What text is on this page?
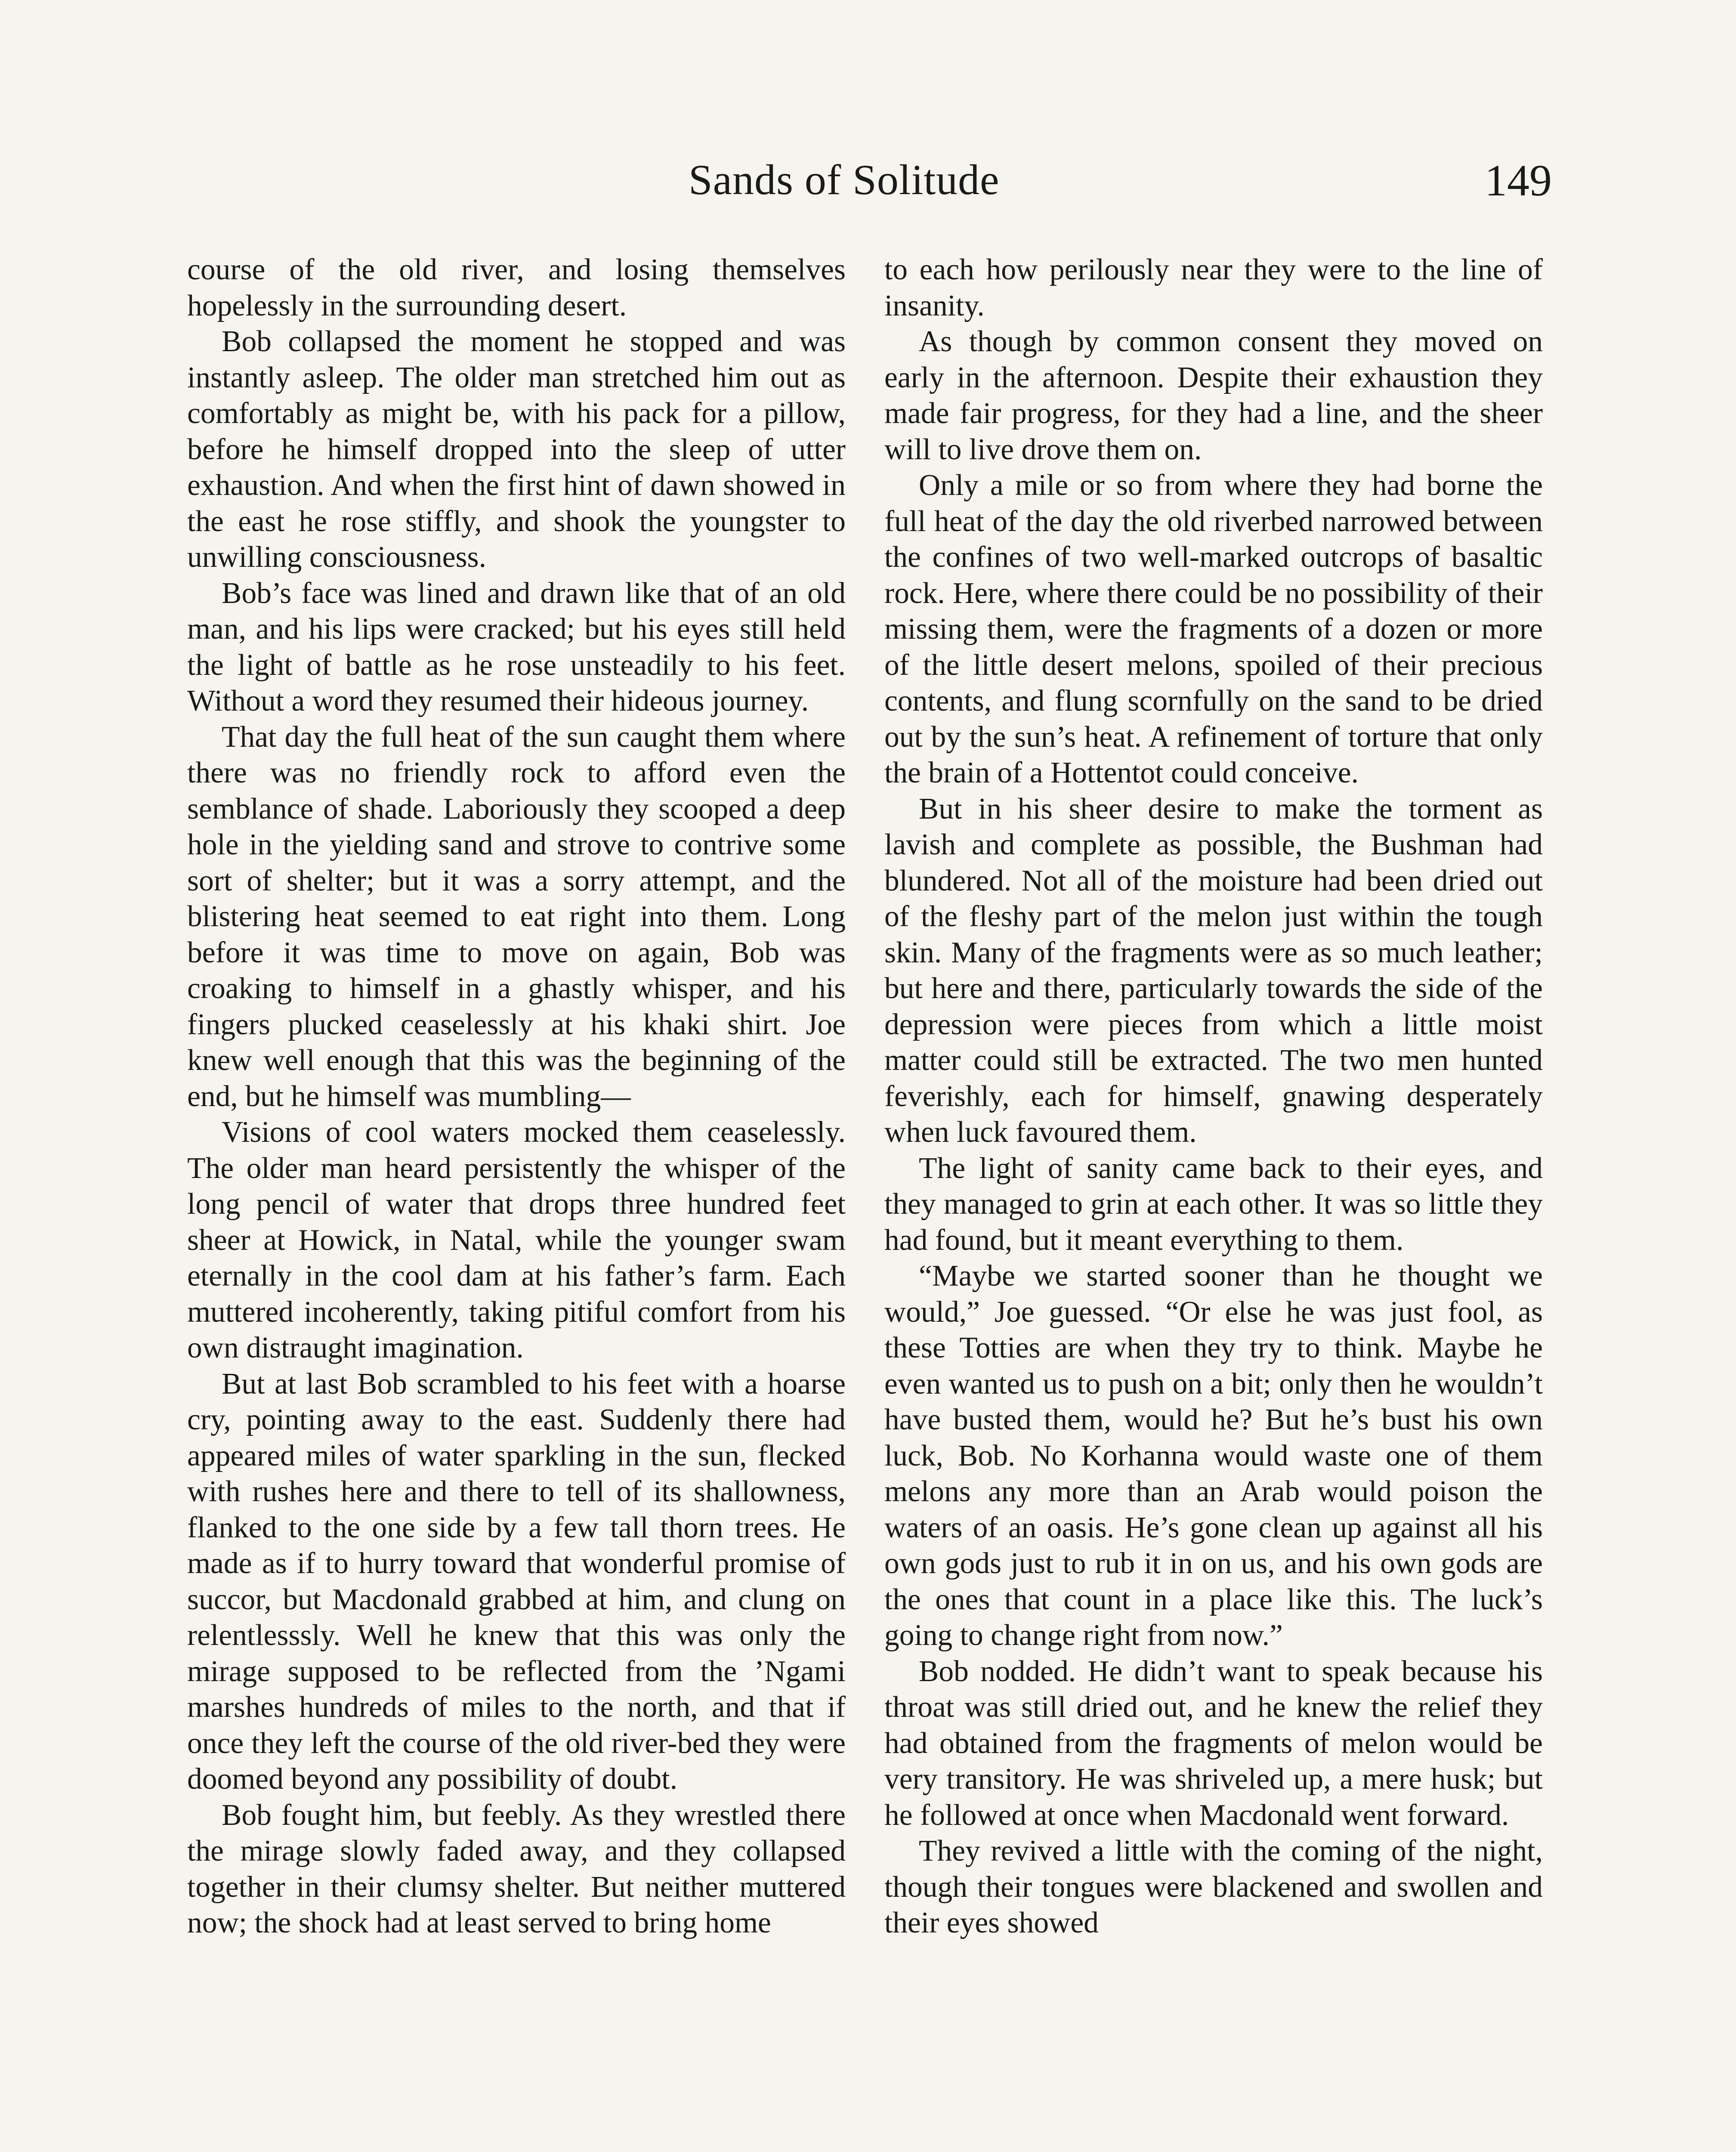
Sands of Solitude	149

course of the old river, and losing themselves hopelessly in the surrounding desert.

Bob collapsed the moment he stopped and was instantly asleep. The older man stretched him out as comfortably as might be, with his pack for a pillow, before he himself dropped into the sleep of utter exhaustion. And when the first hint of dawn showed in the east he rose stiffly, and shook the youngster to unwilling consciousness.

Bob’s face was lined and drawn like that of an old man, and his lips were cracked; but his eyes still held the light of battle as he rose unsteadily to his feet. Without a word they resumed their hideous journey.

That day the full heat of the sun caught them where there was no friendly rock to afford even the semblance of shade. Laboriously they scooped a deep hole in the yielding sand and strove to contrive some sort of shelter; but it was a sorry attempt, and the blistering heat seemed to eat right into them. Long before it was time to move on again, Bob was croaking to himself in a ghastly whisper, and his fingers plucked ceaselessly at his khaki shirt. Joe knew well enough that this was the beginning of the end, but he himself was mumbling—

Visions of cool waters mocked them ceaselessly. The older man heard persistently the whisper of the long pencil of water that drops three hundred feet sheer at Howick, in Natal, while the younger swam eternally in the cool dam at his father’s farm. Each muttered incoherently, taking pitiful comfort from his own distraught imagination.

But at last Bob scrambled to his feet with a hoarse cry, pointing away to the east. Suddenly there had appeared miles of water sparkling in the sun, flecked with rushes here and there to tell of its shallowness, flanked to the one side by a few tall thorn trees. He made as if to hurry toward that wonderful promise of succor, but Macdonald grabbed at him, and clung on relentlesssly. Well he knew that this was only the mirage supposed to be reflected from the ’Ngami marshes hundreds of miles to the north, and that if once they left the course of the old river-bed they were doomed beyond any possibility of doubt.

Bob fought him, but feebly. As they wrestled there the mirage slowly faded away, and they collapsed together in their clumsy shelter. But neither muttered now; the shock had at least served to bring home

to each how perilously near they were to the line of insanity.

As though by common consent they moved on early in the afternoon. Despite their exhaustion they made fair progress, for they had a line, and the sheer will to live drove them on.

Only a mile or so from where they had borne the full heat of the day the old riverbed narrowed between the confines of two well-marked outcrops of basaltic rock. Here, where there could be no possibility of their missing them, were the fragments of a dozen or more of the little desert melons, spoiled of their precious contents, and flung scornfully on the sand to be dried out by the sun’s heat. A refinement of torture that only the brain of a Hottentot could conceive.

But in his sheer desire to make the torment as lavish and complete as possible, the Bushman had blundered. Not all of the moisture had been dried out of the fleshy part of the melon just within the tough skin. Many of the fragments were as so much leather; but here and there, particularly towards the side of the depression were pieces from which a little moist matter could still be extracted. The two men hunted feverishly, each for himself, gnawing desperately when luck favoured them.

The light of sanity came back to their eyes, and they managed to grin at each other. It was so little they had found, but it meant everything to them.

“Maybe we started sooner than he thought we would,” Joe guessed. “Or else he was just fool, as these Totties are when they try to think. Maybe he even wanted us to push on a bit; only then he wouldn’t have busted them, would he? But he’s bust his own luck, Bob. No Korhanna would waste one of them melons any more than an Arab would poison the waters of an oasis. He’s gone clean up against all his own gods just to rub it in on us, and his own gods are the ones that count in a place like this. The luck’s going to change right from now.”

Bob nodded. He didn’t want to speak because his throat was still dried out, and he knew the relief they had obtained from the fragments of melon would be very transitory. He was shriveled up, a mere husk; but he followed at once when Macdonald went forward.

They revived a little with the coming of the night, though their tongues were blackened and swollen and their eyes showed
